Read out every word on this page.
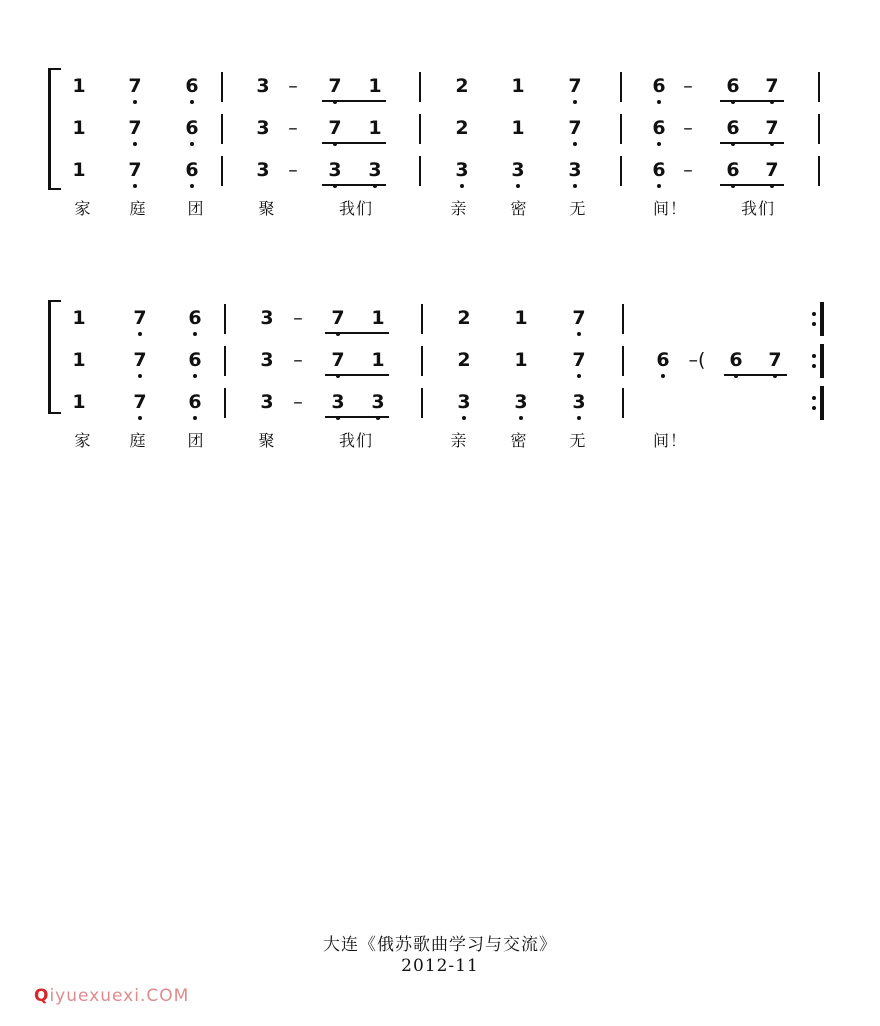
1	7	6	3 –	7	1	2	1	7	6 –	6	7
1	7	6	3 –	7	1	2	1	7	6 –	6	7
1	7	6	3 –	3	3	3	3	3	6 –	6	7
家	庭	团	聚	我们	亲	密	无	间！	我们
1	7	6	3	–	7	1	2	1	7
1	7	6	3	–	7	1	2	1	7	6 –(	6	7
1	7	6	3	–	3	3	3	3	3
家	庭	团	聚	我们	亲	密	无	间！
大连《俄苏歌曲学习与交流》
2012-11
Qiyuexuexi.COM
